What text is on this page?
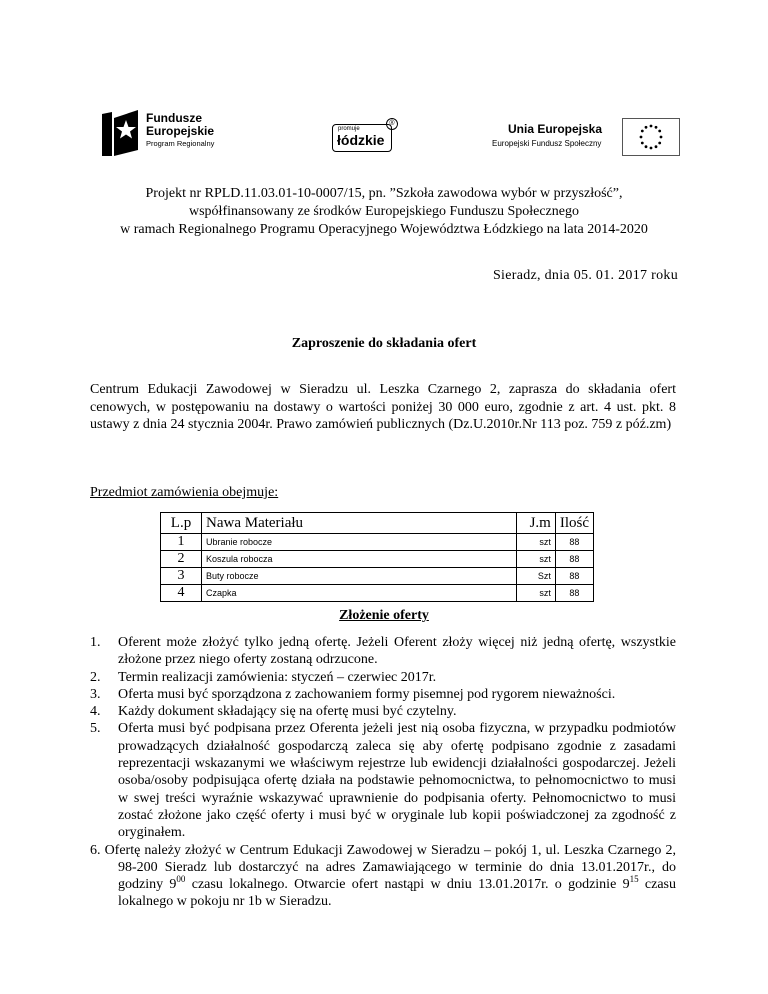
Fundusze
Europejskie
Program Regionalny
promuje
łódzkie
®	Unia Europejska
Europejski Fundusz Społeczny
Projekt nr RPLD.11.03.01-10-0007/15, pn. ”Szkoła zawodowa wybór w przyszłość”,
współfinansowany ze środków Europejskiego Funduszu Społecznego
w ramach Regionalnego Programu Operacyjnego Województwa Łódzkiego na lata 2014-2020
Sieradz, dnia 05. 01. 2017 roku
Zaproszenie do składania ofert
Centrum Edukacji Zawodowej w Sieradzu ul. Leszka Czarnego 2, zaprasza do składania ofert cenowych, w postępowaniu na dostawy o wartości poniżej 30 000 euro, zgodnie z art. 4 ust. pkt. 8 ustawy z dnia 24 stycznia 2004r. Prawo zamówień publicznych (Dz.U.2010r.Nr 113 poz. 759 z póź.zm)
Przedmiot zamówienia obejmuje:
L.p	Nawa Materiału	J.m	Ilość
1	Ubranie robocze	szt	88
2	Koszula robocza	szt	88
3	Buty robocze	Szt	88
4	Czapka	szt	88
Złożenie oferty
1. Oferent może złożyć tylko jedną ofertę. Jeżeli Oferent złoży więcej niż jedną ofertę, wszystkie złożone przez niego oferty zostaną odrzucone.
2. Termin realizacji zamówienia: styczeń – czerwiec 2017r.
3. Oferta musi być sporządzona z zachowaniem formy pisemnej pod rygorem nieważności.
4. Każdy dokument składający się na ofertę musi być czytelny.
5. Oferta musi być podpisana przez Oferenta jeżeli jest nią osoba fizyczna, w przypadku podmiotów prowadzących działalność gospodarczą zaleca się aby ofertę podpisano zgodnie z zasadami reprezentacji wskazanymi we właściwym rejestrze lub ewidencji działalności gospodarczej. Jeżeli osoba/osoby podpisująca ofertę działa na podstawie pełnomocnictwa, to pełnomocnictwo to musi w swej treści wyraźnie wskazywać uprawnienie do podpisania oferty. Pełnomocnictwo to musi zostać złożone jako część oferty i musi być w oryginale lub kopii poświadczonej za zgodność z oryginałem.
6. Ofertę należy złożyć w Centrum Edukacji Zawodowej w Sieradzu – pokój 1, ul. Leszka Czarnego 2, 98-200 Sieradz lub dostarczyć na adres Zamawiającego w terminie do dnia 13.01.2017r., do godziny $9^{00}$ czasu lokalnego. Otwarcie ofert nastąpi w dniu 13.01.2017r. o godzinie $9^{15}$ czasu lokalnego w pokoju nr 1b w Sieradzu.
